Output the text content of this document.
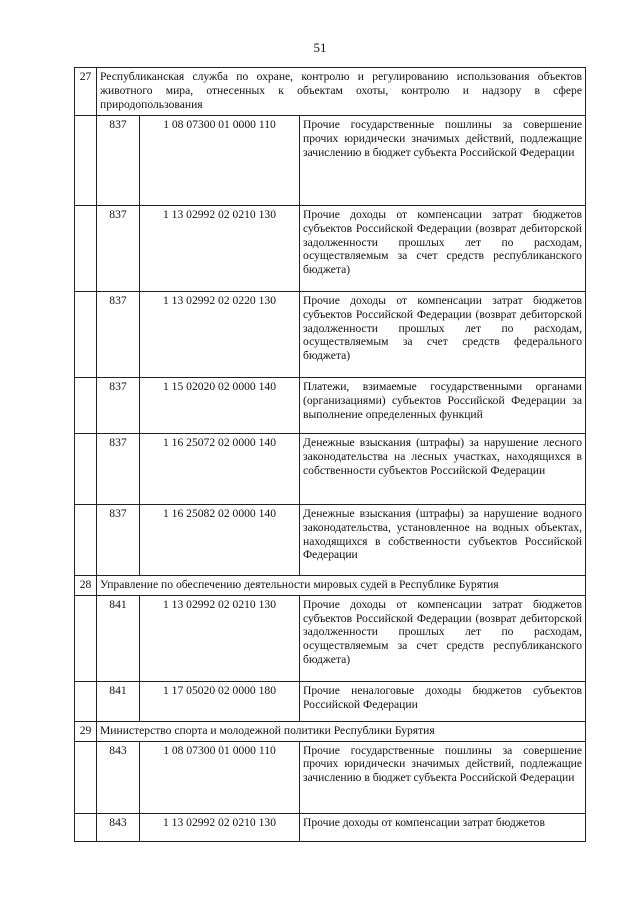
51
27	Республиканская служба по охране, контролю и регулированию использования объектов животного мира, отнесенных к объектам охоты, контролю и надзору в сфере природопользования		
	837	1 08 07300 01 0000 110	Прочие государственные пошлины за совершение прочих юридически значимых действий, подлежащие зачислению в бюджет субъекта Российской Федерации
	837	1 13 02992 02 0210 130	Прочие доходы от компенсации затрат бюджетов субъектов Российской Федерации (возврат дебиторской задолженности прошлых лет по расходам, осуществляемым за счет средств республиканского бюджета)
	837	1 13 02992 02 0220 130	Прочие доходы от компенсации затрат бюджетов субъектов Российской Федерации (возврат дебиторской задолженности прошлых лет по расходам, осуществляемым за счет средств федерального бюджета)
	837	1 15 02020 02 0000 140	Платежи, взимаемые государственными органами (организациями) субъектов Российской Федерации за выполнение определенных функций
	837	1 16 25072 02 0000 140	Денежные взыскания (штрафы) за нарушение лесного законодательства на лесных участках, находящихся в собственности субъектов Российской Федерации
	837	1 16 25082 02 0000 140	Денежные взыскания (штрафы) за нарушение водного законодательства, установленное на водных объектах, находящихся в собственности субъектов Российской Федерации
28	Управление по обеспечению деятельности мировых судей в Республике Бурятия		
	841	1 13 02992 02 0210 130	Прочие доходы от компенсации затрат бюджетов субъектов Российской Федерации (возврат дебиторской задолженности прошлых лет по расходам, осуществляемым за счет средств республиканского бюджета)
	841	1 17 05020 02 0000 180	Прочие неналоговые доходы бюджетов субъектов Российской Федерации
29	Министерство спорта и молодежной политики Республики Бурятия		
	843	1 08 07300 01 0000 110	Прочие государственные пошлины за совершение прочих юридически значимых действий, подлежащие зачислению в бюджет субъекта Российской Федерации
	843	1 13 02992 02 0210 130	Прочие доходы от компенсации затрат бюджетов
